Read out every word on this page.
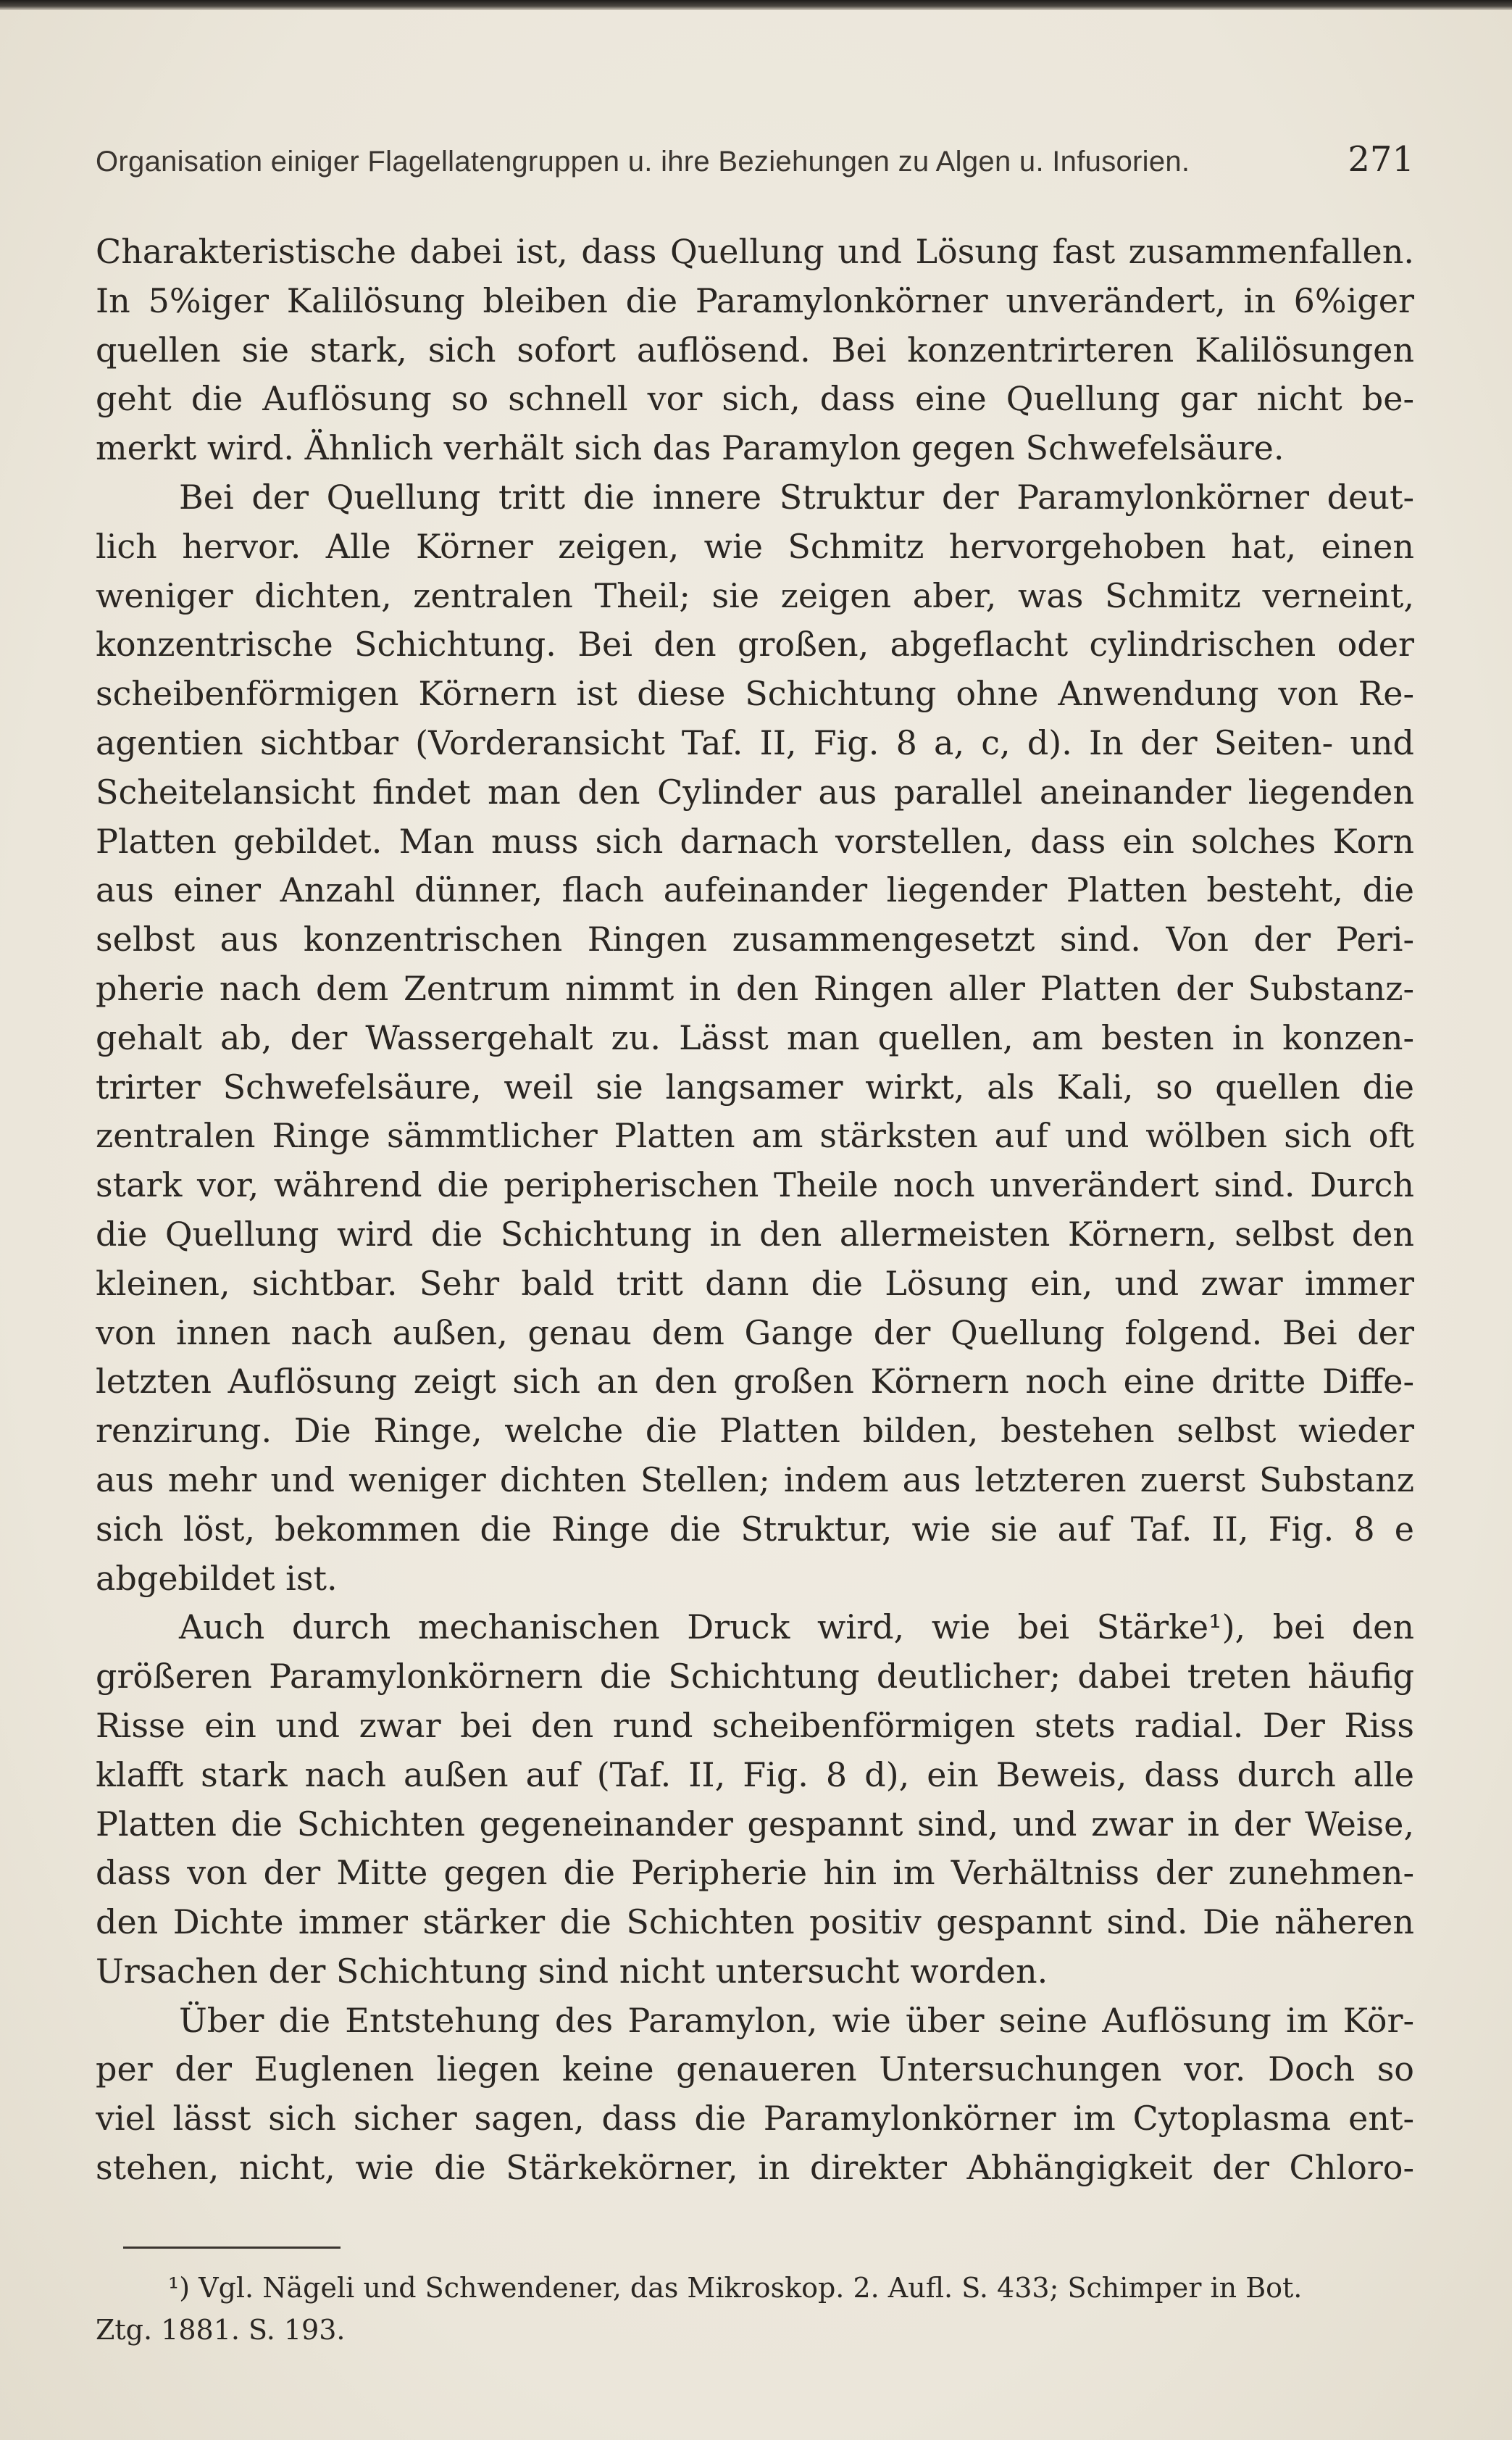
Organisation einiger Flagellatengruppen u. ihre Beziehungen zu Algen u. Infusorien.	271
Charakteristische dabei ist, dass Quellung und Lösung fast zusammenfallen.
In 5%iger Kalilösung bleiben die Paramylonkörner unverändert, in 6%iger
quellen sie stark, sich sofort auflösend. Bei konzentrirteren Kalilösungen
geht die Auflösung so schnell vor sich, dass eine Quellung gar nicht be-
merkt wird. Ähnlich verhält sich das Paramylon gegen Schwefelsäure.
Bei der Quellung tritt die innere Struktur der Paramylonkörner deut-
lich hervor. Alle Körner zeigen, wie Schmitz hervorgehoben hat, einen
weniger dichten, zentralen Theil; sie zeigen aber, was Schmitz verneint,
konzentrische Schichtung. Bei den großen, abgeflacht cylindrischen oder
scheibenförmigen Körnern ist diese Schichtung ohne Anwendung von Re-
agentien sichtbar (Vorderansicht Taf. II, Fig. 8 a, c, d). In der Seiten- und
Scheitelansicht findet man den Cylinder aus parallel aneinander liegenden
Platten gebildet. Man muss sich darnach vorstellen, dass ein solches Korn
aus einer Anzahl dünner, flach aufeinander liegender Platten besteht, die
selbst aus konzentrischen Ringen zusammengesetzt sind. Von der Peri-
pherie nach dem Zentrum nimmt in den Ringen aller Platten der Substanz-
gehalt ab, der Wassergehalt zu. Lässt man quellen, am besten in konzen-
trirter Schwefelsäure, weil sie langsamer wirkt, als Kali, so quellen die
zentralen Ringe sämmtlicher Platten am stärksten auf und wölben sich oft
stark vor, während die peripherischen Theile noch unverändert sind. Durch
die Quellung wird die Schichtung in den allermeisten Körnern, selbst den
kleinen, sichtbar. Sehr bald tritt dann die Lösung ein, und zwar immer
von innen nach außen, genau dem Gange der Quellung folgend. Bei der
letzten Auflösung zeigt sich an den großen Körnern noch eine dritte Diffe-
renzirung. Die Ringe, welche die Platten bilden, bestehen selbst wieder
aus mehr und weniger dichten Stellen; indem aus letzteren zuerst Substanz
sich löst, bekommen die Ringe die Struktur, wie sie auf Taf. II, Fig. 8 e
abgebildet ist.
Auch durch mechanischen Druck wird, wie bei Stärke¹), bei den
größeren Paramylonkörnern die Schichtung deutlicher; dabei treten häufig
Risse ein und zwar bei den rund scheibenförmigen stets radial. Der Riss
klafft stark nach außen auf (Taf. II, Fig. 8 d), ein Beweis, dass durch alle
Platten die Schichten gegeneinander gespannt sind, und zwar in der Weise,
dass von der Mitte gegen die Peripherie hin im Verhältniss der zunehmen-
den Dichte immer stärker die Schichten positiv gespannt sind. Die näheren
Ursachen der Schichtung sind nicht untersucht worden.
Über die Entstehung des Paramylon, wie über seine Auflösung im Kör-
per der Euglenen liegen keine genaueren Untersuchungen vor. Doch so
viel lässt sich sicher sagen, dass die Paramylonkörner im Cytoplasma ent-
stehen, nicht, wie die Stärkekörner, in direkter Abhängigkeit der Chloro-
¹) Vgl. Nägeli und Schwendener, das Mikroskop. 2. Aufl. S. 433; Schimper in Bot.
Ztg. 1881. S. 193.
